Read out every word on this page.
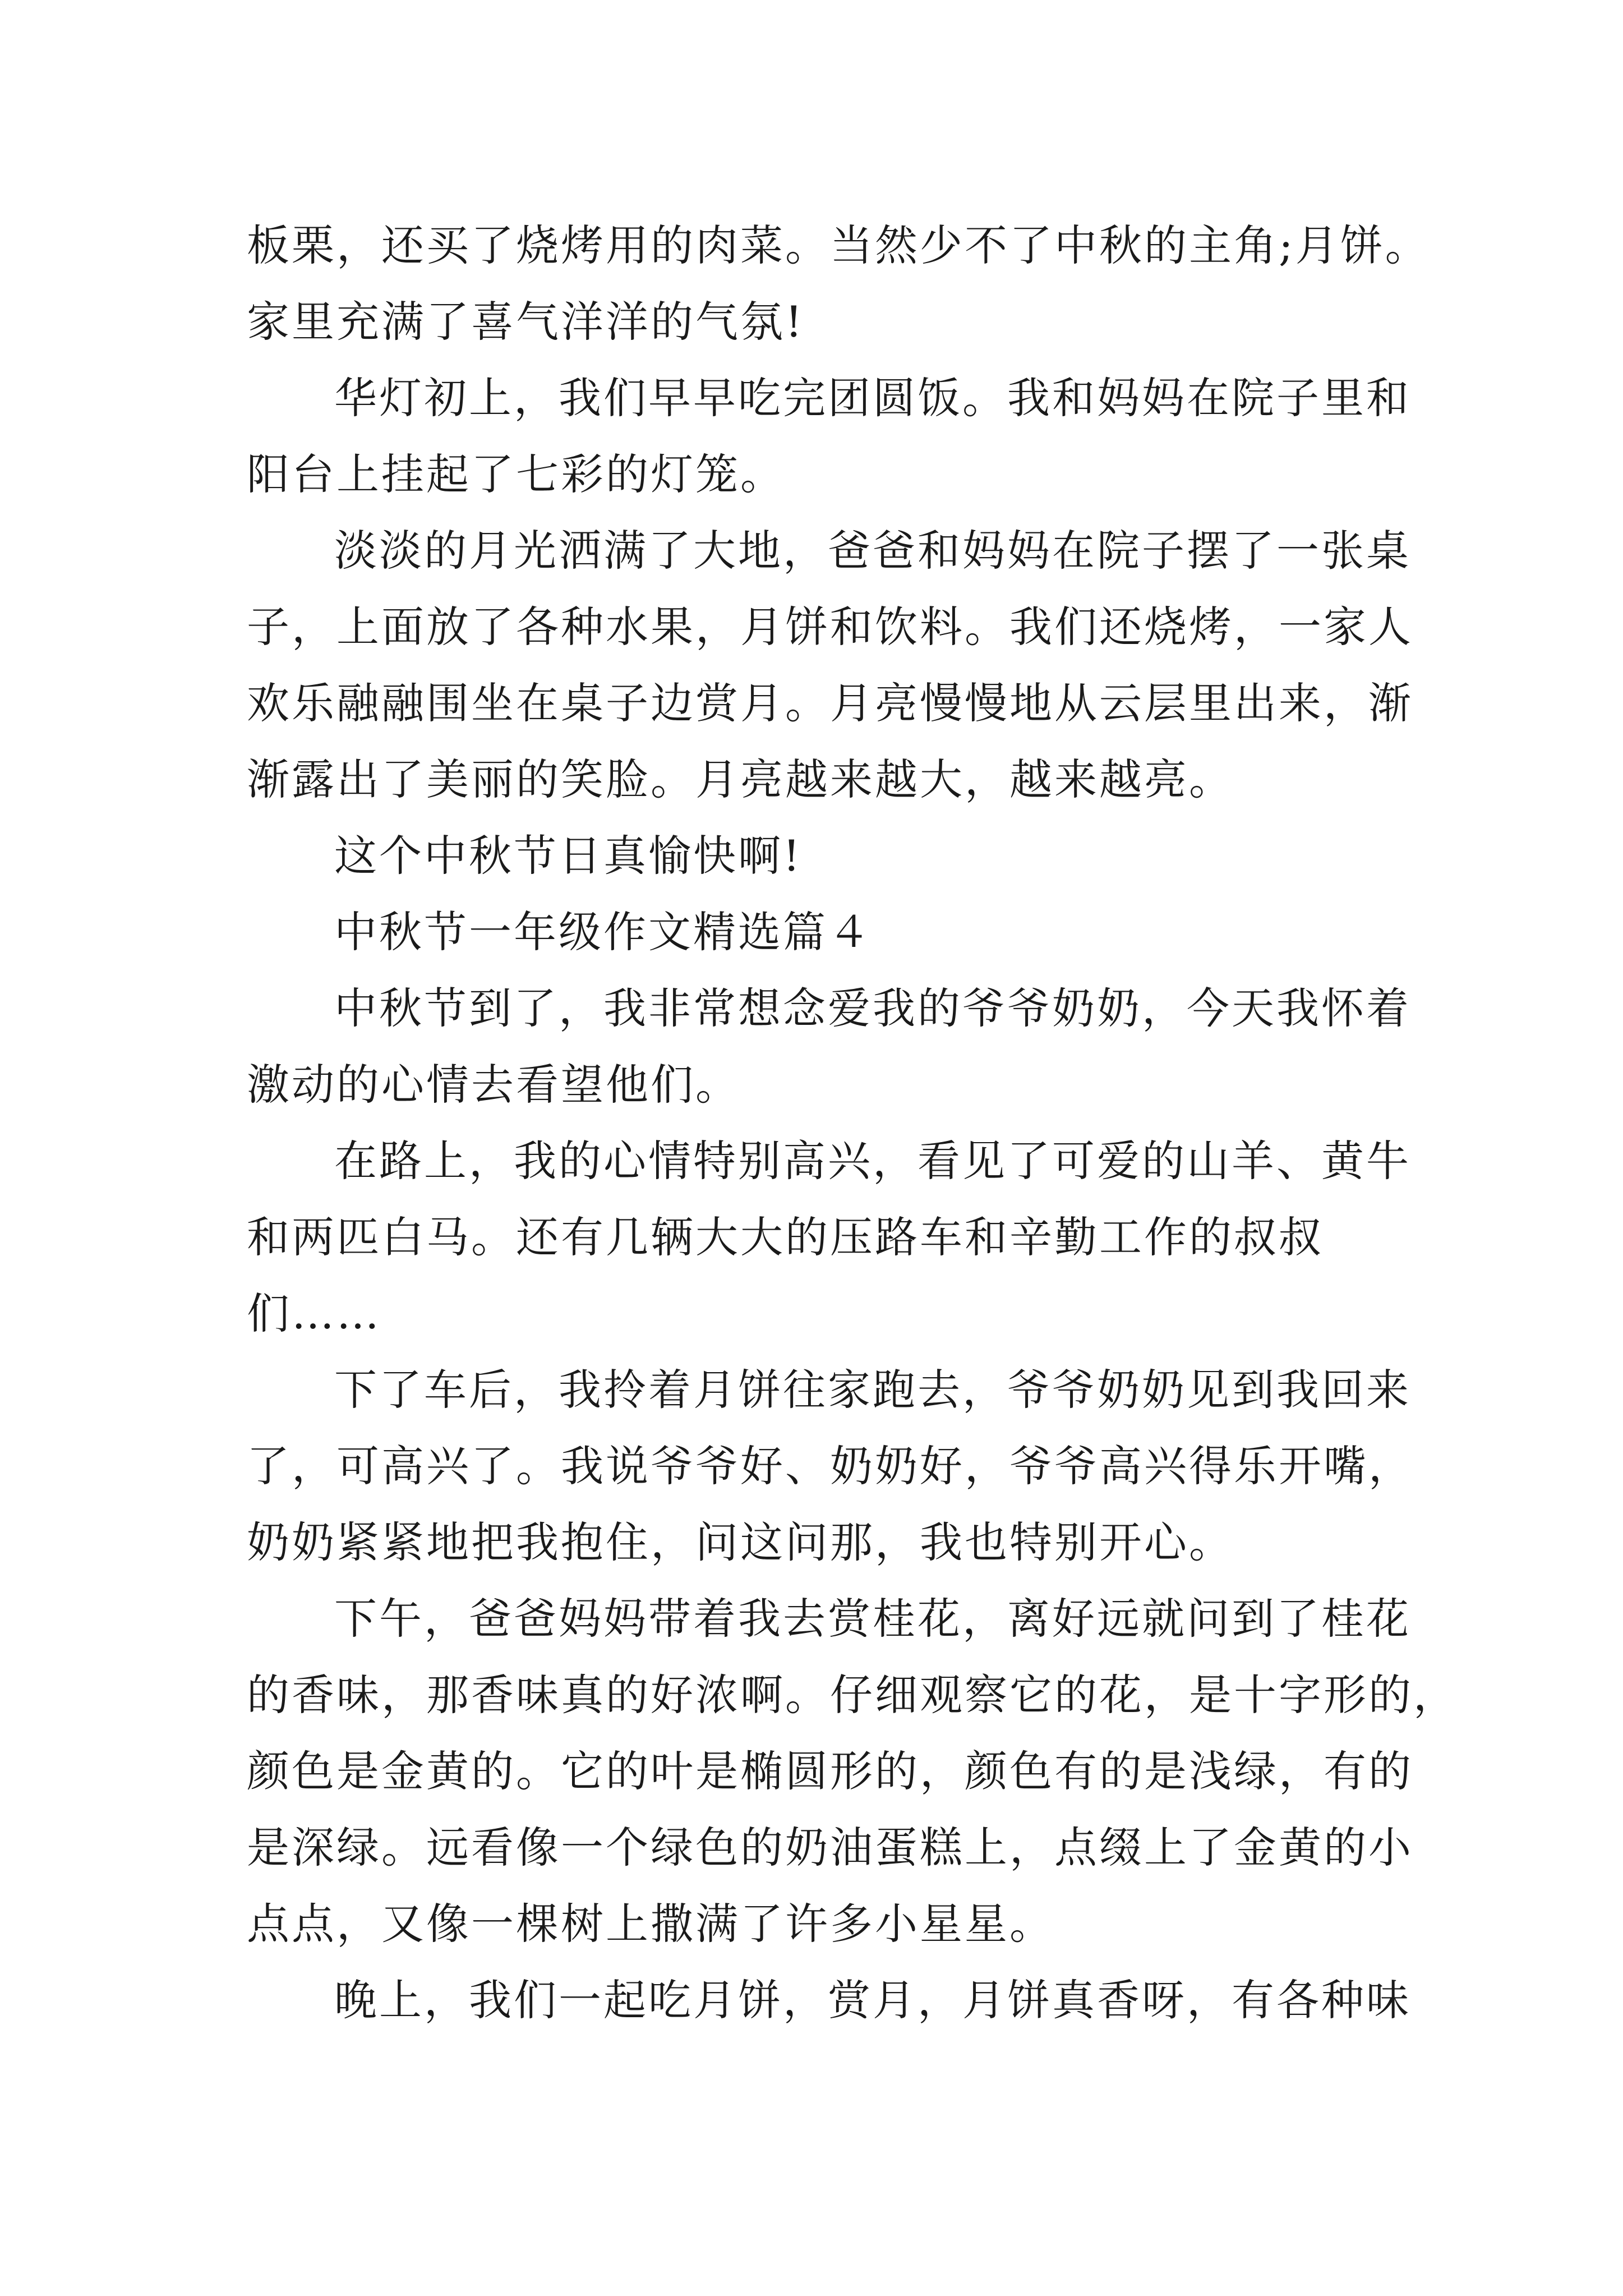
板栗，还买了烧烤用的肉菜。当然少不了中秋的主角;月饼。
家里充满了喜气洋洋的气氛!
华灯初上，我们早早吃完团圆饭。我和妈妈在院子里和
阳台上挂起了七彩的灯笼。
淡淡的月光洒满了大地，爸爸和妈妈在院子摆了一张桌
子，上面放了各种水果，月饼和饮料。我们还烧烤，一家人
欢乐融融围坐在桌子边赏月。月亮慢慢地从云层里出来，渐
渐露出了美丽的笑脸。月亮越来越大，越来越亮。
这个中秋节日真愉快啊!
中秋节一年级作文精选篇４
中秋节到了，我非常想念爱我的爷爷奶奶，今天我怀着
激动的心情去看望他们。
在路上，我的心情特别高兴，看见了可爱的山羊、黄牛
和两匹白马。还有几辆大大的压路车和辛勤工作的叔叔
们……
下了车后，我拎着月饼往家跑去，爷爷奶奶见到我回来
了，可高兴了。我说爷爷好、奶奶好，爷爷高兴得乐开嘴，
奶奶紧紧地把我抱住，问这问那，我也特别开心。
下午，爸爸妈妈带着我去赏桂花，离好远就问到了桂花
的香味，那香味真的好浓啊。仔细观察它的花，是十字形的，
颜色是金黄的。它的叶是椭圆形的，颜色有的是浅绿，有的
是深绿。远看像一个绿色的奶油蛋糕上，点缀上了金黄的小
点点，又像一棵树上撒满了许多小星星。
晚上，我们一起吃月饼，赏月，月饼真香呀，有各种味
